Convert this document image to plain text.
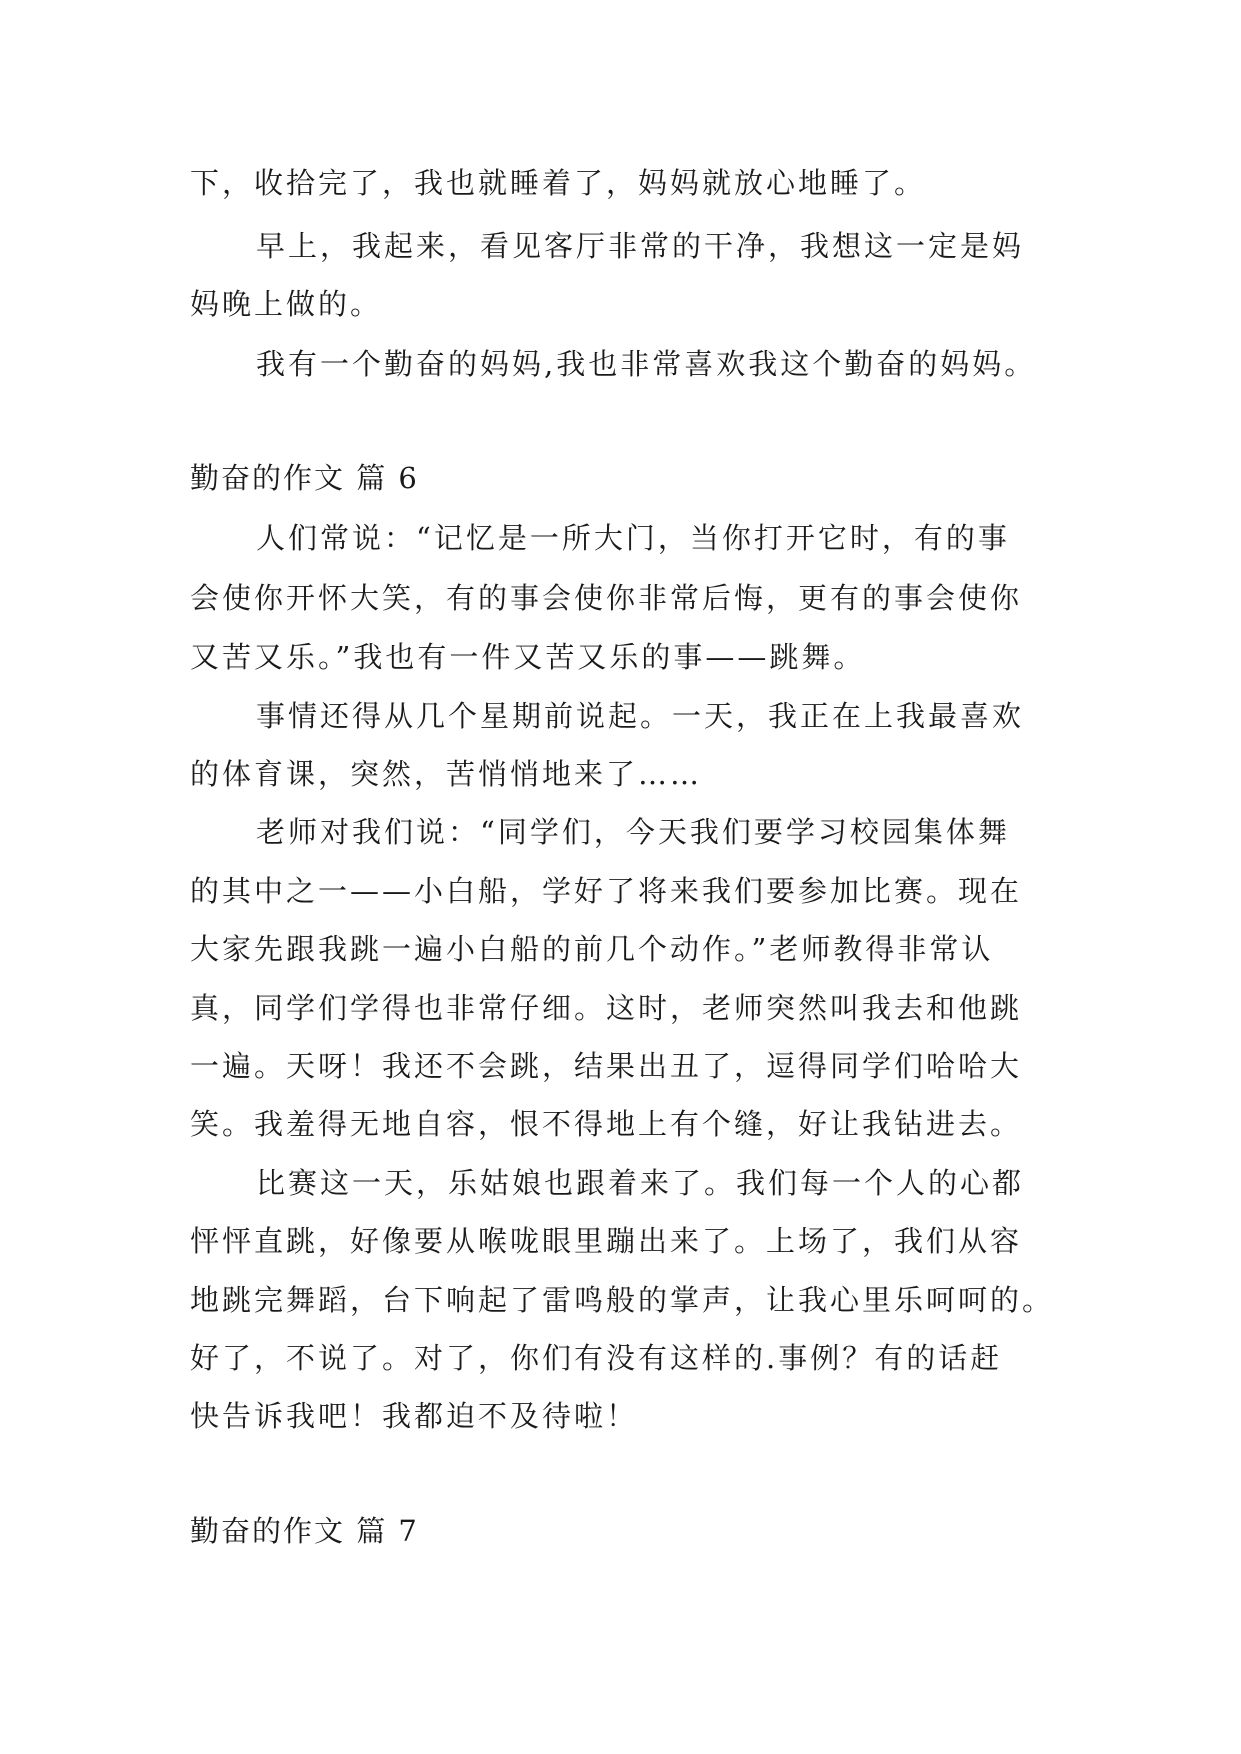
下，收拾完了，我也就睡着了，妈妈就放心地睡了。
早上，我起来，看见客厅非常的干净，我想这一定是妈
妈晚上做的。
我有一个勤奋的妈妈,我也非常喜欢我这个勤奋的妈妈。
勤奋的作文 篇 6
人们常说：“记忆是一所大门，当你打开它时，有的事
会使你开怀大笑，有的事会使你非常后悔，更有的事会使你
又苦又乐。”我也有一件又苦又乐的事——跳舞。
事情还得从几个星期前说起。一天，我正在上我最喜欢
的体育课，突然，苦悄悄地来了……
老师对我们说：“同学们，今天我们要学习校园集体舞
的其中之一——小白船，学好了将来我们要参加比赛。现在
大家先跟我跳一遍小白船的前几个动作。”老师教得非常认
真，同学们学得也非常仔细。这时，老师突然叫我去和他跳
一遍。天呀！我还不会跳，结果出丑了，逗得同学们哈哈大
笑。我羞得无地自容，恨不得地上有个缝，好让我钻进去。
比赛这一天，乐姑娘也跟着来了。我们每一个人的心都
怦怦直跳，好像要从喉咙眼里蹦出来了。上场了，我们从容
地跳完舞蹈，台下响起了雷鸣般的掌声，让我心里乐呵呵的。
好了，不说了。对了，你们有没有这样的.事例？有的话赶
快告诉我吧！我都迫不及待啦！
勤奋的作文 篇 7
